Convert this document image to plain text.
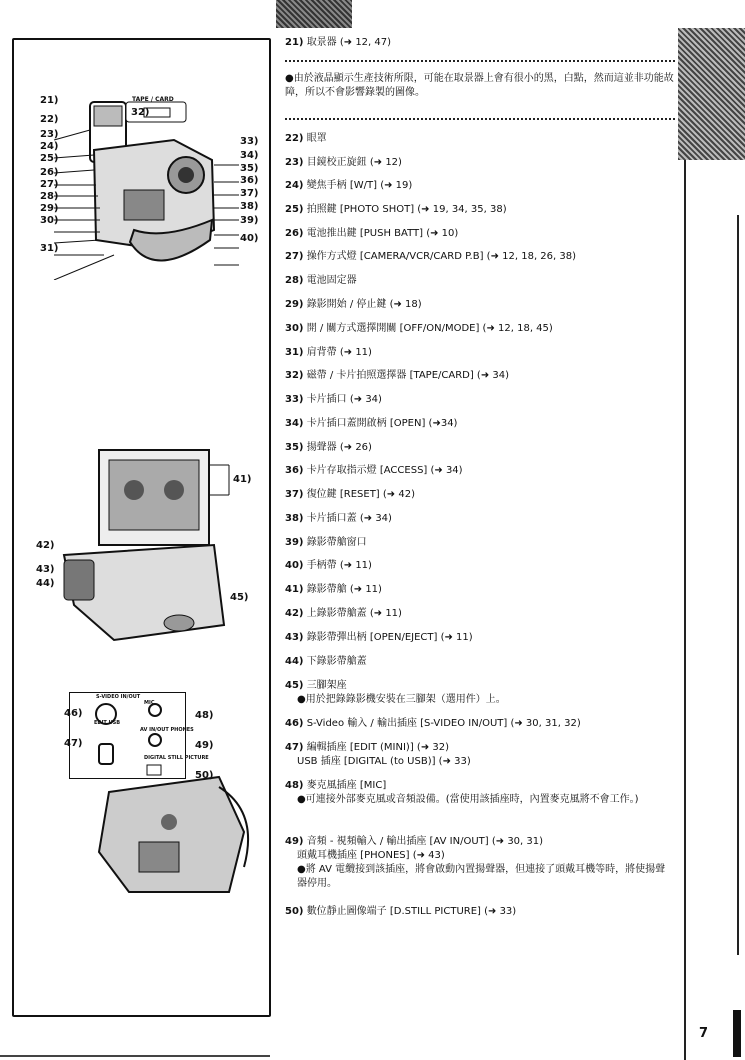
TAPE / CARD
21)
22)
23)
24)
25)
26)
27)
28)
29)
30)
31)
32)
33)
34)
35)
36)
37)
38)
39)
40)
41)
42)
43)
44)
45)
S-VIDEO IN/OUT
MIC
EDIT USB
AV IN/OUT PHONES
DIGITAL STILL PICTURE
46)
47)
48)
49)
50)
21) 取景器 (➜ 12, 47)
●由於液晶顯示生產技術所限，可能在取景器上會有很小的黑，白點，然而這並非功能故障，所以不會影響錄製的圖像。
22) 眼罩
23) 目鏡校正旋鈕 (➜ 12)
24) 變焦手柄 [W/T] (➜ 19)
25) 拍照鍵 [PHOTO SHOT] (➜ 19, 34, 35, 38)
26) 電池推出鍵 [PUSH BATT] (➜ 10)
27) 操作方式燈 [CAMERA/VCR/CARD P.B] (➜ 12, 18, 26, 38)
28) 電池固定器
29) 錄影開始 / 停止鍵 (➜ 18)
30) 開 / 關方式選擇開關 [OFF/ON/MODE] (➜ 12, 18, 45)
31) 肩背帶 (➜ 11)
32) 磁帶 / 卡片拍照選擇器 [TAPE/CARD] (➜ 34)
33) 卡片插口 (➜ 34)
34) 卡片插口蓋開啟柄 [OPEN] (➜34)
35) 揚聲器 (➜ 26)
36) 卡片存取指示燈 [ACCESS] (➜ 34)
37) 復位鍵 [RESET] (➜ 42)
38) 卡片插口蓋 (➜ 34)
39) 錄影帶艙窗口
40) 手柄帶 (➜ 11)
41) 錄影帶艙 (➜ 11)
42) 上錄影帶艙蓋 (➜ 11)
43) 錄影帶彈出柄 [OPEN/EJECT] (➜ 11)
44) 下錄影帶艙蓋
45) 三腳架座
●用於把錄錄影機安裝在三腳架（選用件）上。
46) S-Video 輸入 / 輸出插座 [S-VIDEO IN/OUT] (➜ 30, 31, 32)
47) 編輯插座 [EDIT (MINI)] (➜ 32)
USB 插座 [DIGITAL (to USB)] (➜ 33)
48) 麥克風插座 [MIC]
●可連接外部麥克風或音頻設備。(當使用該插座時，內置麥克風將不會工作。)
49) 音頻 - 視頻輸入 / 輸出插座 [AV IN/OUT] (➜ 30, 31)
頭戴耳機插座 [PHONES] (➜ 43)
●將 AV 電纜接到該插座，將會啟動內置揚聲器，但連接了頭戴耳機等時，將使揚聲器停用。
50) 數位靜止圖像端子 [D.STILL PICTURE] (➜ 33)
7
